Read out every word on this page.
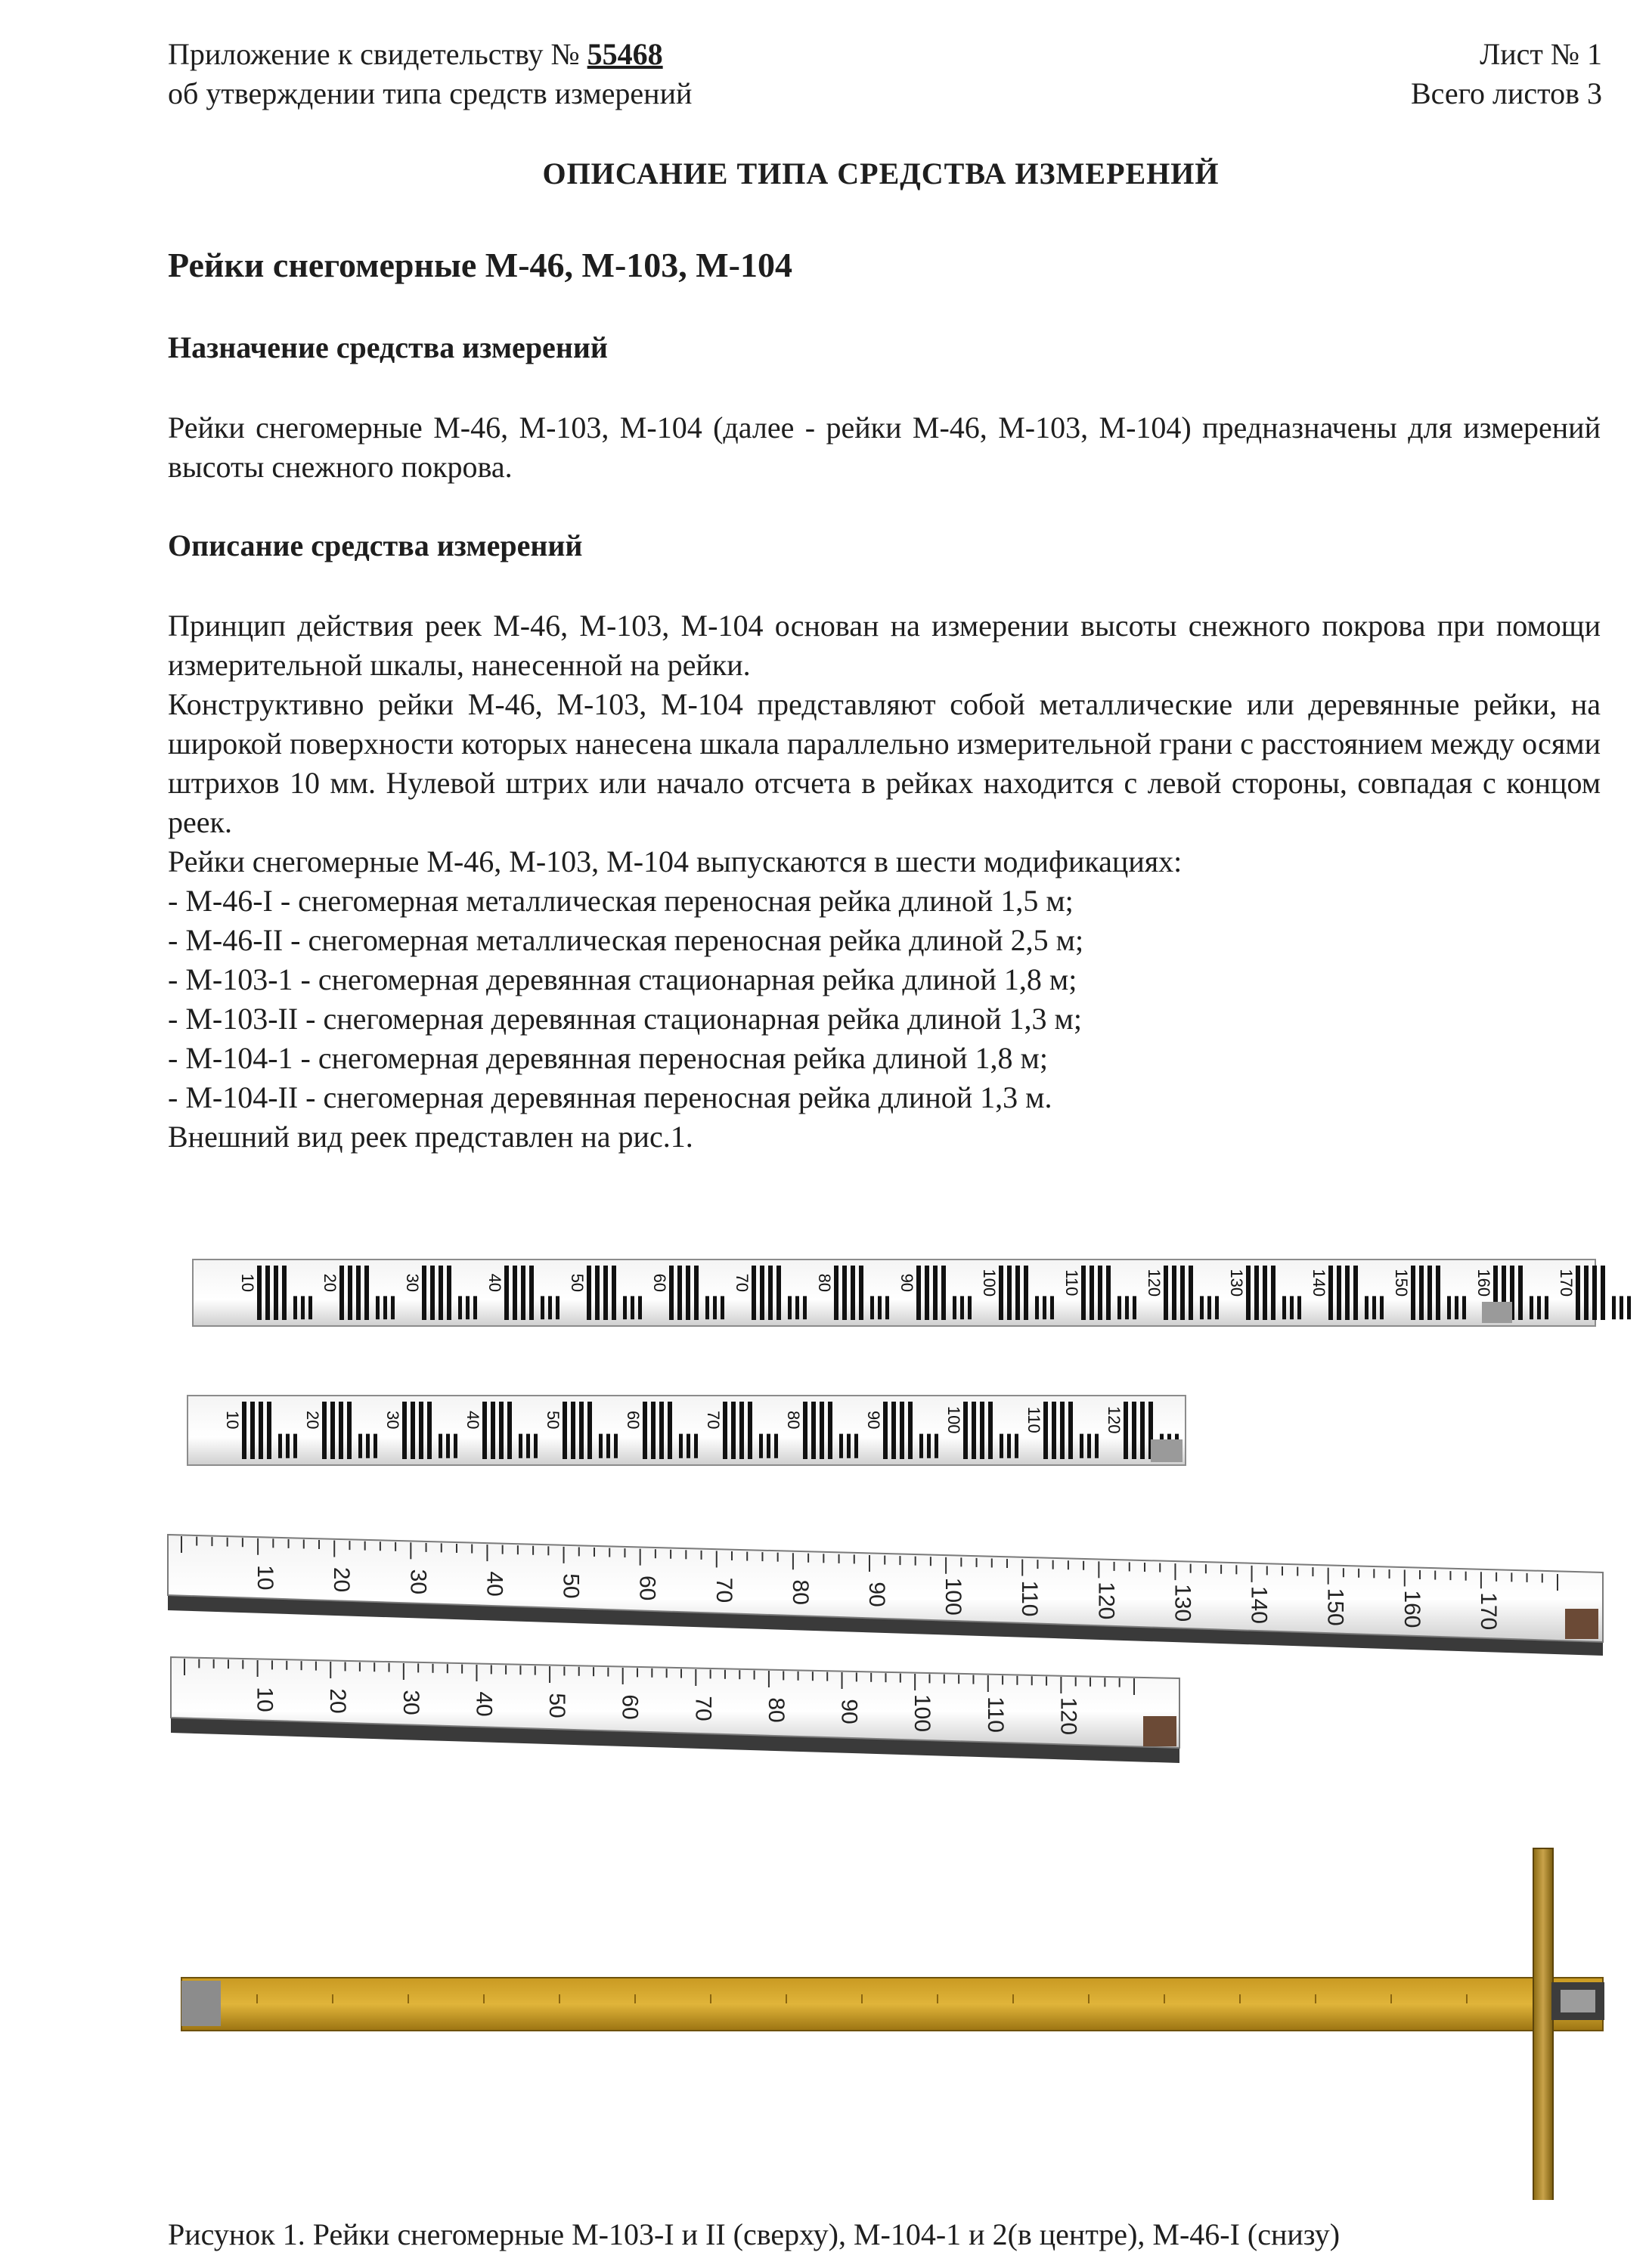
Приложение к свидетельству № 55468
об утверждении типа средств измерений
Лист № 1
Всего листов 3
ОПИСАНИЕ ТИПА СРЕДСТВА ИЗМЕРЕНИЙ
Рейки снегомерные М-46, М-103, М-104
Назначение средства измерений
Рейки снегомерные М-46, М-103, М-104 (далее - рейки М-46, М-103, М-104) предназначены для измерений высоты снежного покрова.
Описание средства измерений

Принцип действия реек М-46, М-103, М-104 основан на измерении высоты снежного покрова при помощи измерительной шкалы, нанесенной на рейки.

Конструктивно рейки М-46, М-103, М-104 представляют собой металлические или деревянные рейки, на широкой поверхности которых нанесена шкала параллельно измерительной грани с расстоянием между осями штрихов 10 мм. Нулевой штрих или начало отсчета в рейках находится с левой стороны, совпадая с концом реек.

Рейки снегомерные М-46, М-103, М-104 выпускаются в шести модификациях:

- М-46-I - снегомерная металлическая переносная рейка длиной 1,5 м;
- М-46-II - снегомерная металлическая переносная рейка длиной 2,5 м;
- М-103-1 - снегомерная деревянная стационарная рейка длиной 1,8 м;
- М-103-II - снегомерная деревянная стационарная рейка длиной 1,3 м;
- М-104-1 - снегомерная деревянная переносная рейка длиной 1,8 м;
- М-104-II - снегомерная деревянная переносная рейка длиной 1,3 м.

Внешний вид реек представлен на рис.1.

10	20	30	40	50	60	70	80	90	100	110	120	130	140	150	160	170
10	20	30	40	50	60	70	80	90	100	110	120
10 20 30 40 50 60 70 80 90 100 110 120 130 140 150 160 170
10 20 30 40 50 60 70 80 90 100 110 120
Рисунок 1. Рейки снегомерные М-103-I и II (сверху), М-104-1 и 2(в центре), М-46-I (снизу)
